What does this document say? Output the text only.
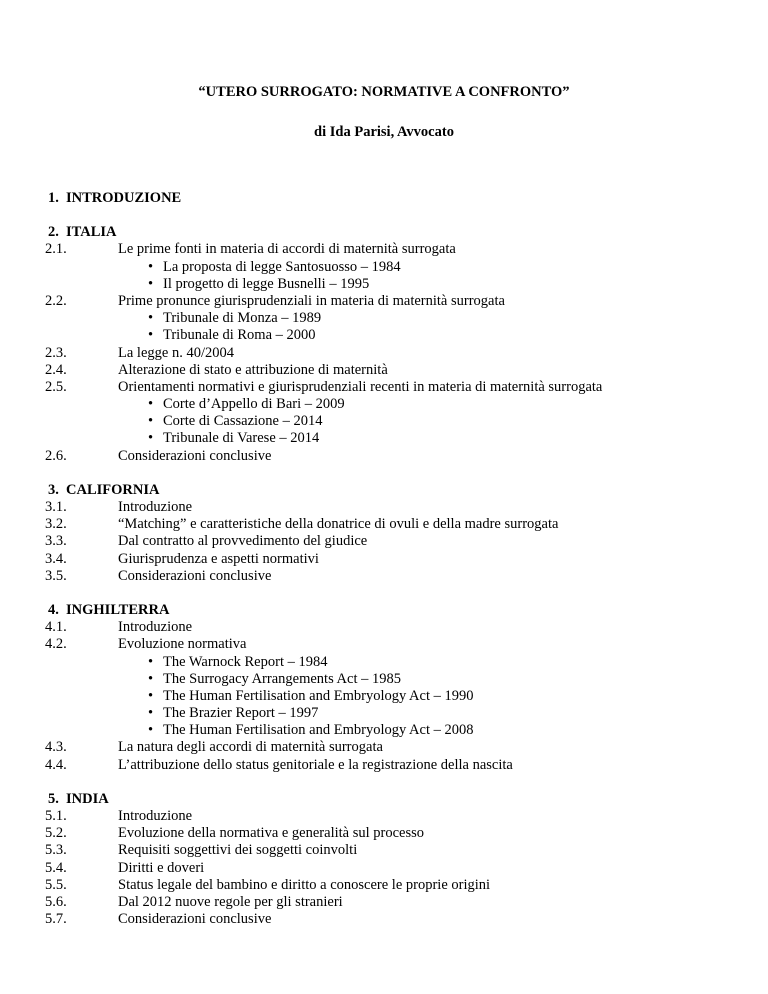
“UTERO SURROGATO: NORMATIVE A CONFRONTO”
di Ida Parisi, Avvocato
1. INTRODUZIONE
2. ITALIA
2.1.	Le prime fonti in materia di accordi di maternità surrogata
• La proposta di legge Santosuosso – 1984
• Il progetto di legge Busnelli – 1995
2.2.	Prime pronunce giurisprudenziali in materia di maternità surrogata
• Tribunale di Monza – 1989
• Tribunale di Roma – 2000
2.3.	La legge n. 40/2004
2.4.	Alterazione di stato e attribuzione di maternità
2.5.	Orientamenti normativi e giurisprudenziali recenti in materia di maternità surrogata
• Corte d’Appello di Bari – 2009
• Corte di Cassazione – 2014
• Tribunale di Varese – 2014
2.6.	Considerazioni conclusive
3. CALIFORNIA
3.1.	Introduzione
3.2.	“Matching” e caratteristiche della donatrice di ovuli e della madre surrogata
3.3.	Dal contratto al provvedimento del giudice
3.4.	Giurisprudenza e aspetti normativi
3.5.	Considerazioni conclusive
4. INGHILTERRA
4.1.	Introduzione
4.2.	Evoluzione normativa
• The Warnock Report – 1984
• The Surrogacy Arrangements Act – 1985
• The Human Fertilisation and Embryology Act – 1990
• The Brazier Report – 1997
• The Human Fertilisation and Embryology Act – 2008
4.3.	La natura degli accordi di maternità surrogata
4.4.	L’attribuzione dello status genitoriale e la registrazione della nascita
5. INDIA
5.1.	Introduzione
5.2.	Evoluzione della normativa e generalità sul processo
5.3.	Requisiti soggettivi dei soggetti coinvolti
5.4.	Diritti e doveri
5.5.	Status legale del bambino e diritto a conoscere le proprie origini
5.6.	Dal 2012 nuove regole per gli stranieri
5.7.	Considerazioni conclusive
